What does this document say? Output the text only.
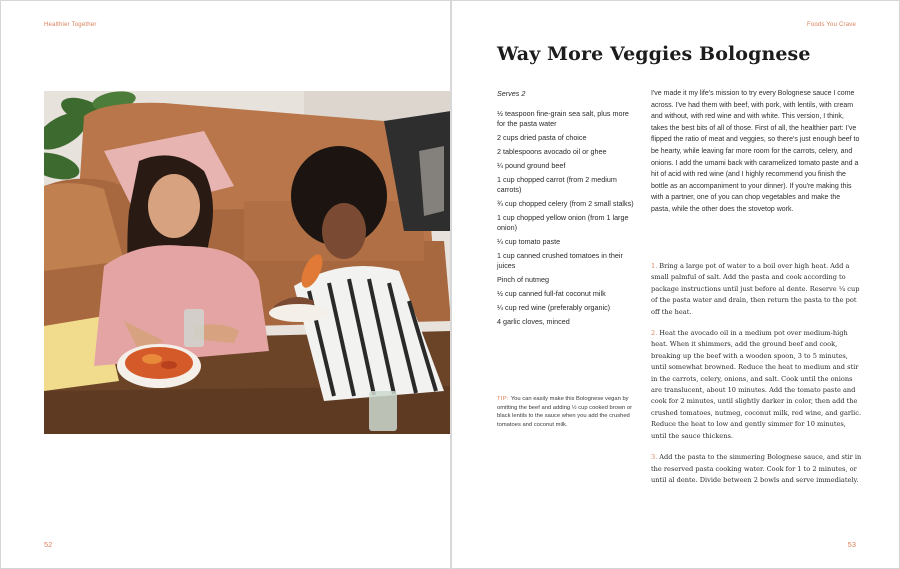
Healthier Together
52
Foods You Crave
Way More Veggies Bolognese
Serves 2
½ teaspoon fine-grain sea salt, plus more for the pasta water
2 cups dried pasta of choice
2 tablespoons avocado oil or ghee
¼ pound ground beef
1 cup chopped carrot (from 2 medium carrots)
¾ cup chopped celery (from 2 small stalks)
1 cup chopped yellow onion (from 1 large onion)
¼ cup tomato paste
1 cup canned crushed tomatoes in their juices
Pinch of nutmeg
½ cup canned full-fat coconut milk
¼ cup red wine (preferably organic)
4 garlic cloves, minced
TIP: You can easily make this Bolognese vegan by omitting the beef and adding ½ cup cooked brown or black lentils to the sauce when you add the crushed tomatoes and coconut milk.

I've made it my life's mission to try every Bolognese sauce I come across. I've had them with beef, with pork, with lentils, with cream and without, with red wine and with white. This version, I think, takes the best bits of all of those. First of all, the healthier part: I've flipped the ratio of meat and veggies, so there's just enough beef to be hearty, while leaving far more room for the carrots, celery, and onions. I add the umami back with caramelized tomato paste and a hit of acid with red wine (and I highly recommend you finish the bottle as an accompaniment to your dinner). If you're making this with a partner, one of you can chop vegetables and make the pasta, while the other does the stovetop work.

1. Bring a large pot of water to a boil over high heat. Add a small palmful of salt. Add the pasta and cook according to package instructions until just before al dente. Reserve ¼ cup of the pasta water and drain, then return the pasta to the pot off the heat.

2. Heat the avocado oil in a medium pot over medium-high heat. When it shimmers, add the ground beef and cook, breaking up the beef with a wooden spoon, 3 to 5 minutes, until somewhat browned. Reduce the heat to medium and stir in the carrots, celery, onions, and salt. Cook until the onions are translucent, about 10 minutes. Add the tomato paste and cook for 2 minutes, until slightly darker in color, then add the crushed tomatoes, nutmeg, coconut milk, red wine, and garlic. Reduce the heat to low and gently simmer for 10 minutes, until the sauce thickens.

3. Add the pasta to the simmering Bolognese sauce, and stir in the reserved pasta cooking water. Cook for 1 to 2 minutes, or until al dente. Divide between 2 bowls and serve immediately.

53
